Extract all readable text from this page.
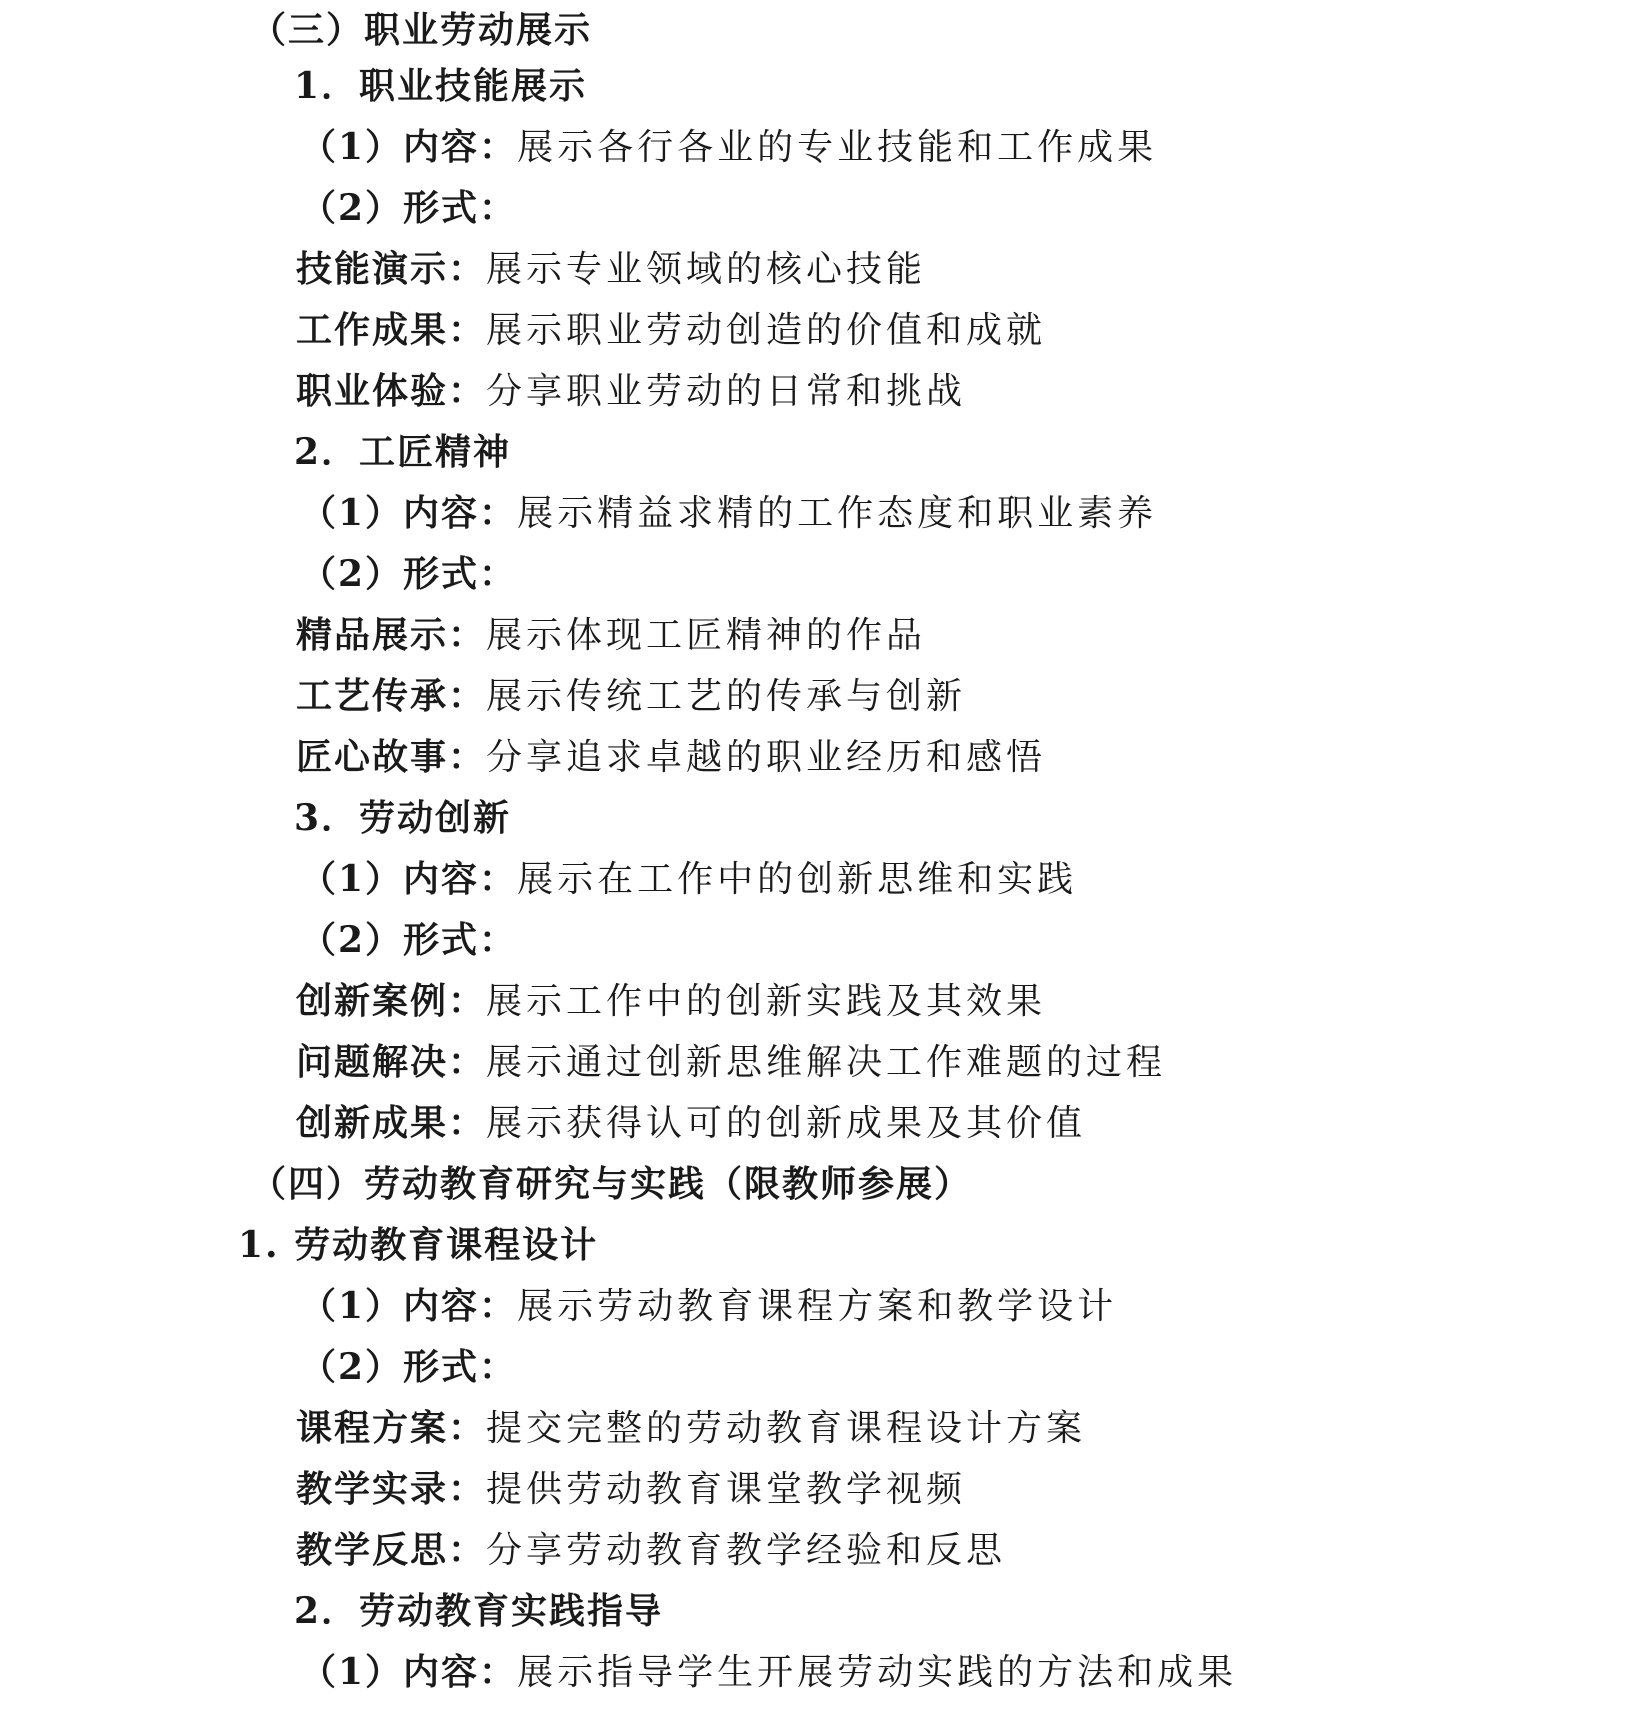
（三）职业劳动展示
1．职业技能展示
（1）内容：展示各行各业的专业技能和工作成果
（2）形式：
技能演示：展示专业领域的核心技能
工作成果：展示职业劳动创造的价值和成就
职业体验：分享职业劳动的日常和挑战
2．工匠精神
（1）内容：展示精益求精的工作态度和职业素养
（2）形式：
精品展示：展示体现工匠精神的作品
工艺传承：展示传统工艺的传承与创新
匠心故事：分享追求卓越的职业经历和感悟
3．劳动创新
（1）内容：展示在工作中的创新思维和实践
（2）形式：
创新案例：展示工作中的创新实践及其效果
问题解决：展示通过创新思维解决工作难题的过程
创新成果：展示获得认可的创新成果及其价值
（四）劳动教育研究与实践（限教师参展）
1. 劳动教育课程设计
（1）内容：展示劳动教育课程方案和教学设计
（2）形式：
课程方案：提交完整的劳动教育课程设计方案
教学实录：提供劳动教育课堂教学视频
教学反思：分享劳动教育教学经验和反思
2．劳动教育实践指导
（1）内容：展示指导学生开展劳动实践的方法和成果
